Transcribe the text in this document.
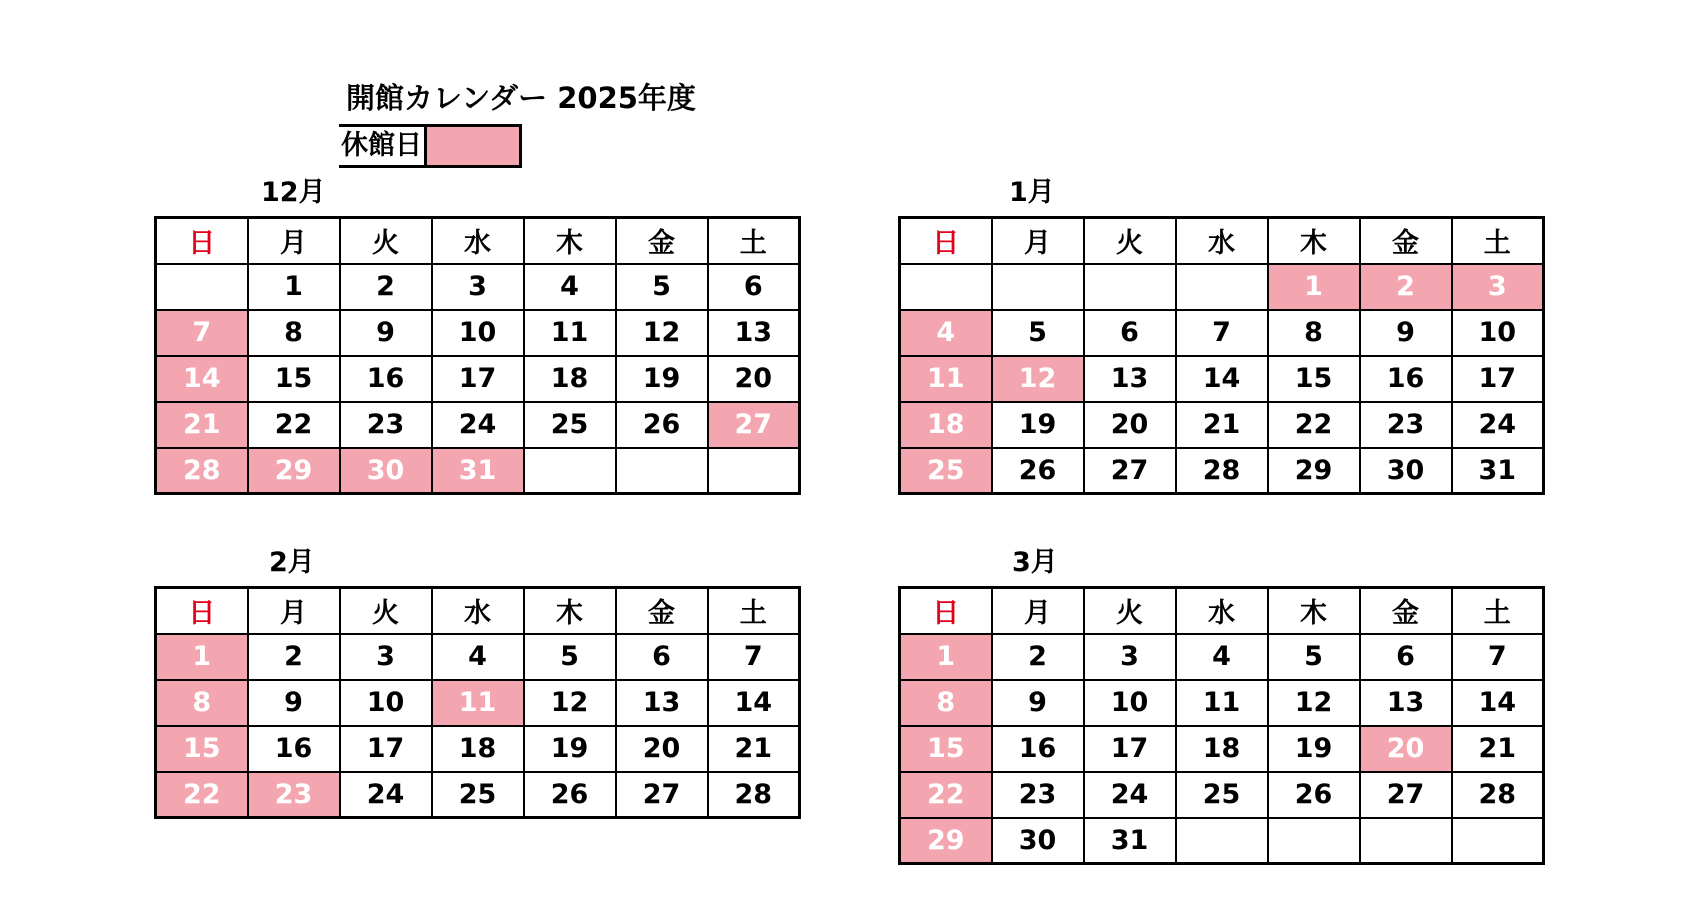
開館カレンダー 2025年度
休館日
12月
日	月	火	水	木	金	土
	1	2	3	4	5	6
7	8	9	10	11	12	13
14	15	16	17	18	19	20
21	22	23	24	25	26	27
28	29	30	31			
1月
日	月	火	水	木	金	土
				1	2	3
4	5	6	7	8	9	10
11	12	13	14	15	16	17
18	19	20	21	22	23	24
25	26	27	28	29	30	31
2月
日	月	火	水	木	金	土
1	2	3	4	5	6	7
8	9	10	11	12	13	14
15	16	17	18	19	20	21
22	23	24	25	26	27	28
3月
日	月	火	水	木	金	土
1	2	3	4	5	6	7
8	9	10	11	12	13	14
15	16	17	18	19	20	21
22	23	24	25	26	27	28
29	30	31				
